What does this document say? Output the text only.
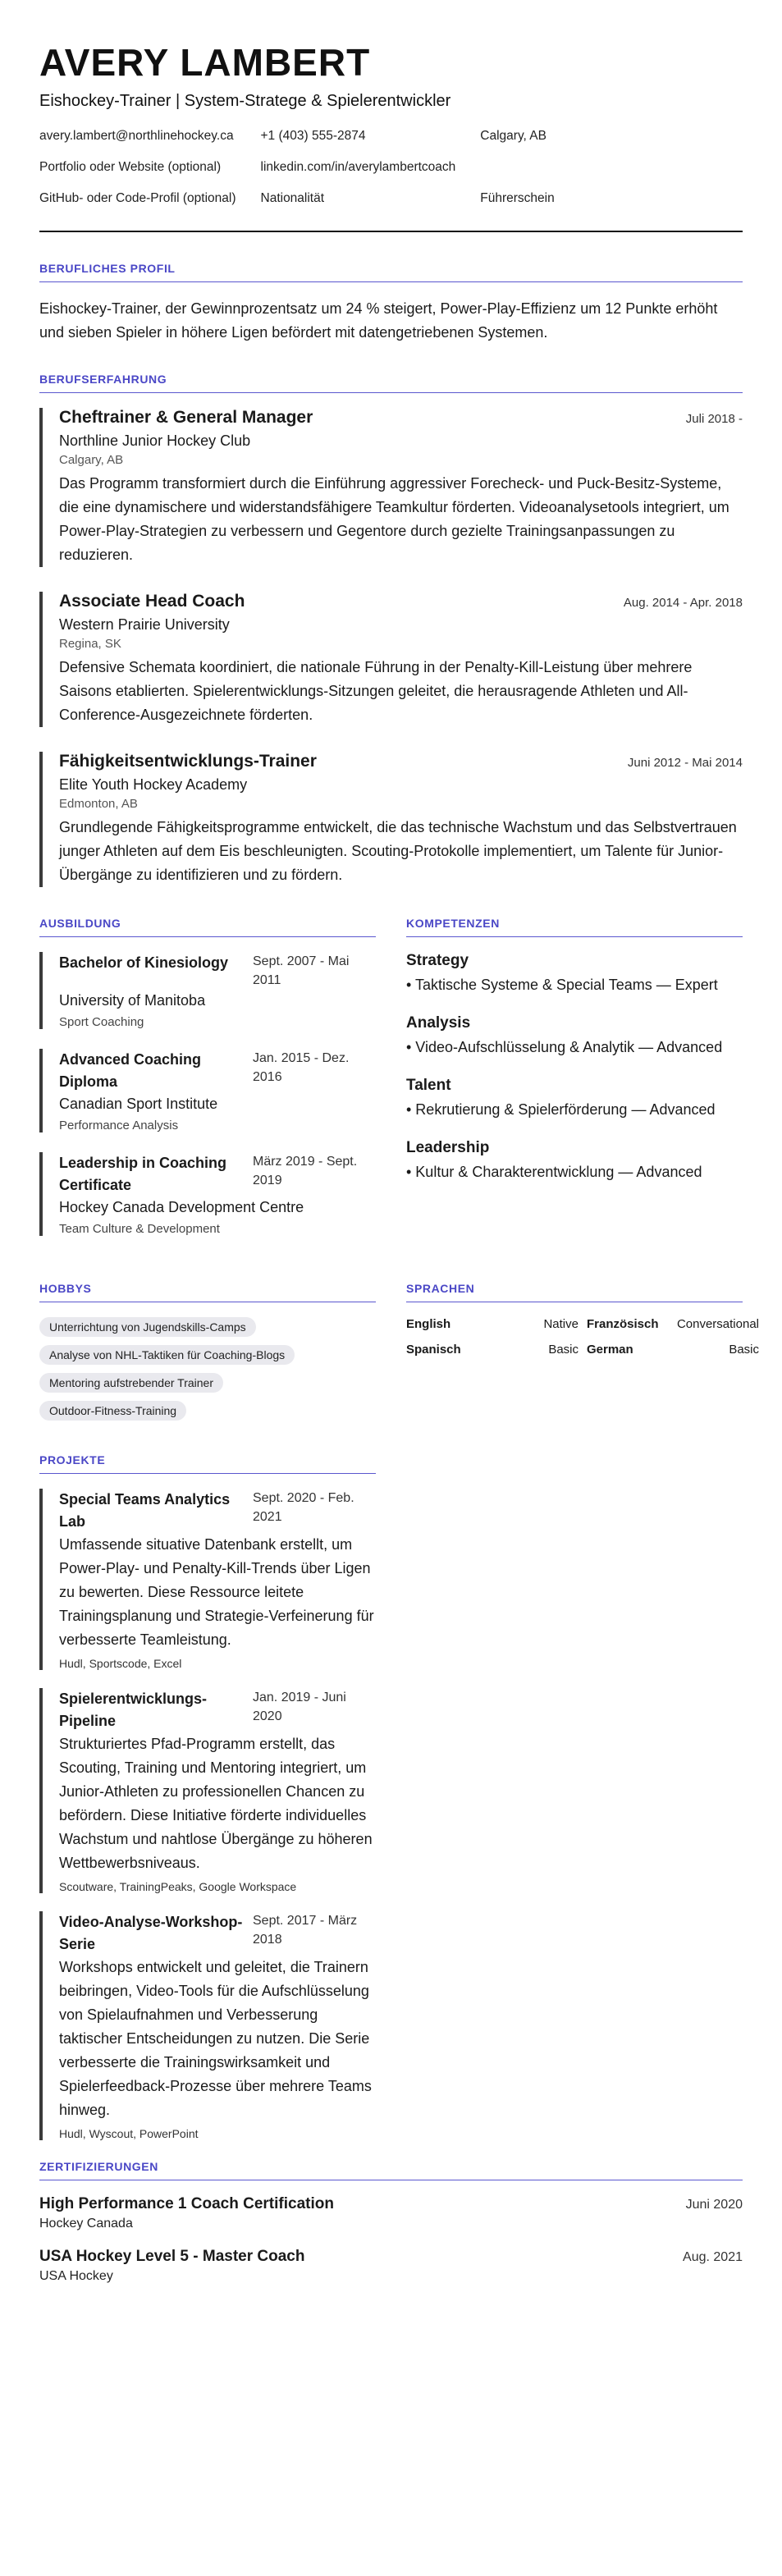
AVERY LAMBERT
Eishockey-Trainer | System-Stratege & Spielerentwickler
avery.lambert@northlinehockey.ca +1 (403) 555-2874	Calgary, AB
Portfolio oder Website (optional)	linkedin.com/in/averylambertcoach
GitHub- oder Code-Profil (optional) Nationalität	Führerschein
BERUFLICHES PROFIL

Eishockey-Trainer, der Gewinnprozentsatz um 24 % steigert, Power-Play-Effizienz um 12 Punkte erhöht und sieben Spieler in höhere Ligen befördert mit datengetriebenen Systemen.

BERUFSERFAHRUNG
Cheftrainer & General Manager	Juli 2018 -
Northline Junior Hockey Club
Calgary, AB
Das Programm transformiert durch die Einführung aggressiver Forecheck- und Puck-Besitz-Systeme, die eine dynamischere und widerstandsfähigere Teamkultur förderten. Videoanalysetools integriert, um Power-Play-Strategien zu verbessern und Gegentore durch gezielte Trainingsanpassungen zu reduzieren.
Associate Head Coach	Aug. 2014 - Apr. 2018
Western Prairie University
Regina, SK
Defensive Schemata koordiniert, die nationale Führung in der Penalty-Kill-Leistung über mehrere Saisons etablierten. Spielerentwicklungs-Sitzungen geleitet, die herausragende Athleten und All-Conference-Ausgezeichnete förderten.
Fähigkeitsentwicklungs-Trainer	Juni 2012 - Mai 2014
Elite Youth Hockey Academy
Edmonton, AB
Grundlegende Fähigkeitsprogramme entwickelt, die das technische Wachstum und das Selbstvertrauen junger Athleten auf dem Eis beschleunigten. Scouting-Protokolle implementiert, um Talente für Junior-Übergänge zu identifizieren und zu fördern.
AUSBILDUNG
Bachelor of Kinesiology	Sept. 2007 - Mai 2011
University of Manitoba
Sport Coaching
Advanced Coaching Diploma
Jan. 2015 - Dez. 2016
Canadian Sport Institute
Performance Analysis
Leadership in Coaching Certificate
März 2019 - Sept. 2019
Hockey Canada Development Centre
Team Culture & Development
KOMPETENZEN
Strategy
• Taktische Systeme & Special Teams — Expert
Analysis
• Video-Aufschlüsselung & Analytik — Advanced
Talent
• Rekrutierung & Spielerförderung — Advanced
Leadership
• Kultur & Charakterentwicklung — Advanced
HOBBYS
Unterrichtung von Jugendskills-Camps
Analyse von NHL-Taktiken für Coaching-Blogs
Mentoring aufstrebender Trainer
Outdoor-Fitness-Training
SPRACHEN
English	Native Französisch	Conversational
Spanisch	Basic German	Basic
PROJEKTE
Special Teams Analytics Lab
Sept. 2020 - Feb. 2021
Umfassende situative Datenbank erstellt, um Power-Play- und Penalty-Kill-Trends über Ligen zu bewerten. Diese Ressource leitete Trainingsplanung und Strategie-Verfeinerung für verbesserte Teamleistung.
Hudl, Sportscode, Excel
Spielerentwicklungs-Pipeline
Jan. 2019 - Juni 2020
Strukturiertes Pfad-Programm erstellt, das Scouting, Training und Mentoring integriert, um Junior-Athleten zu professionellen Chancen zu befördern. Diese Initiative förderte individuelles Wachstum und nahtlose Übergänge zu höheren Wettbewerbsniveaus.
Scoutware, TrainingPeaks, Google Workspace
Video-Analyse-Workshop-Serie
Sept. 2017 - März 2018
Workshops entwickelt und geleitet, die Trainern beibringen, Video-Tools für die Aufschlüsselung von Spielaufnahmen und Verbesserung taktischer Entscheidungen zu nutzen. Die Serie verbesserte die Trainingswirksamkeit und Spielerfeedback-Prozesse über mehrere Teams hinweg.
Hudl, Wyscout, PowerPoint
ZERTIFIZIERUNGEN
High Performance 1 Coach Certification	Juni 2020
Hockey Canada
USA Hockey Level 5 - Master Coach	Aug. 2021
USA Hockey
